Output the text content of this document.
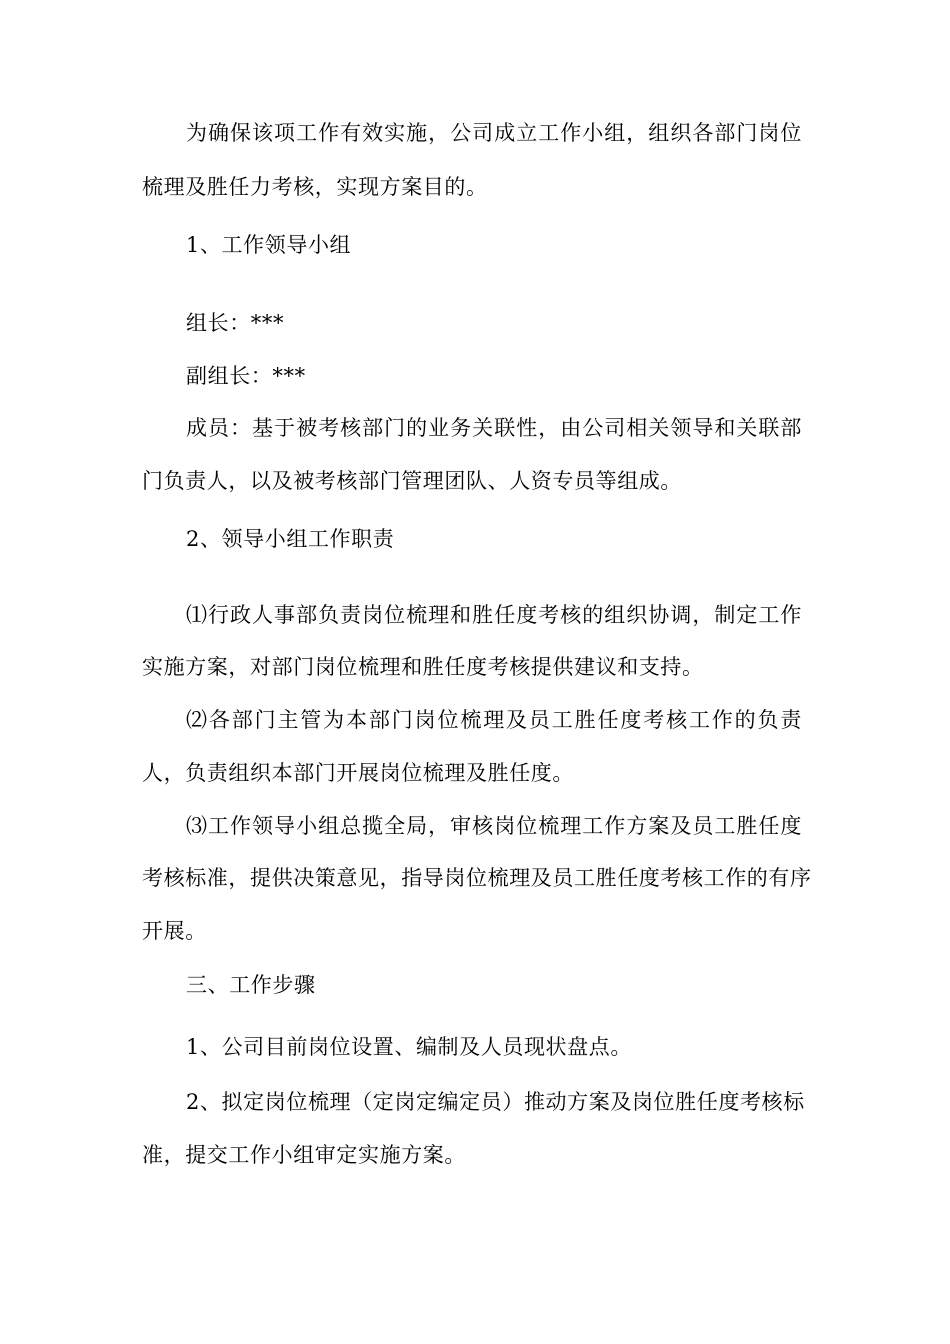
为确保该项工作有效实施，公司成立工作小组，组织各部门岗位
梳理及胜任力考核，实现方案目的。
1、工作领导小组
组长：***
副组长：***
成员：基于被考核部门的业务关联性，由公司相关领导和关联部
门负责人，以及被考核部门管理团队、人资专员等组成。
2、领导小组工作职责
⑴行政人事部负责岗位梳理和胜任度考核的组织协调，制定工作
实施方案，对部门岗位梳理和胜任度考核提供建议和支持。
⑵各部门主管为本部门岗位梳理及员工胜任度考核工作的负责
人，负责组织本部门开展岗位梳理及胜任度。
⑶工作领导小组总揽全局，审核岗位梳理工作方案及员工胜任度
考核标准，提供决策意见，指导岗位梳理及员工胜任度考核工作的有序
开展。
三、工作步骤
1、公司目前岗位设置、编制及人员现状盘点。
2、拟定岗位梳理（定岗定编定员）推动方案及岗位胜任度考核标
准，提交工作小组审定实施方案。
